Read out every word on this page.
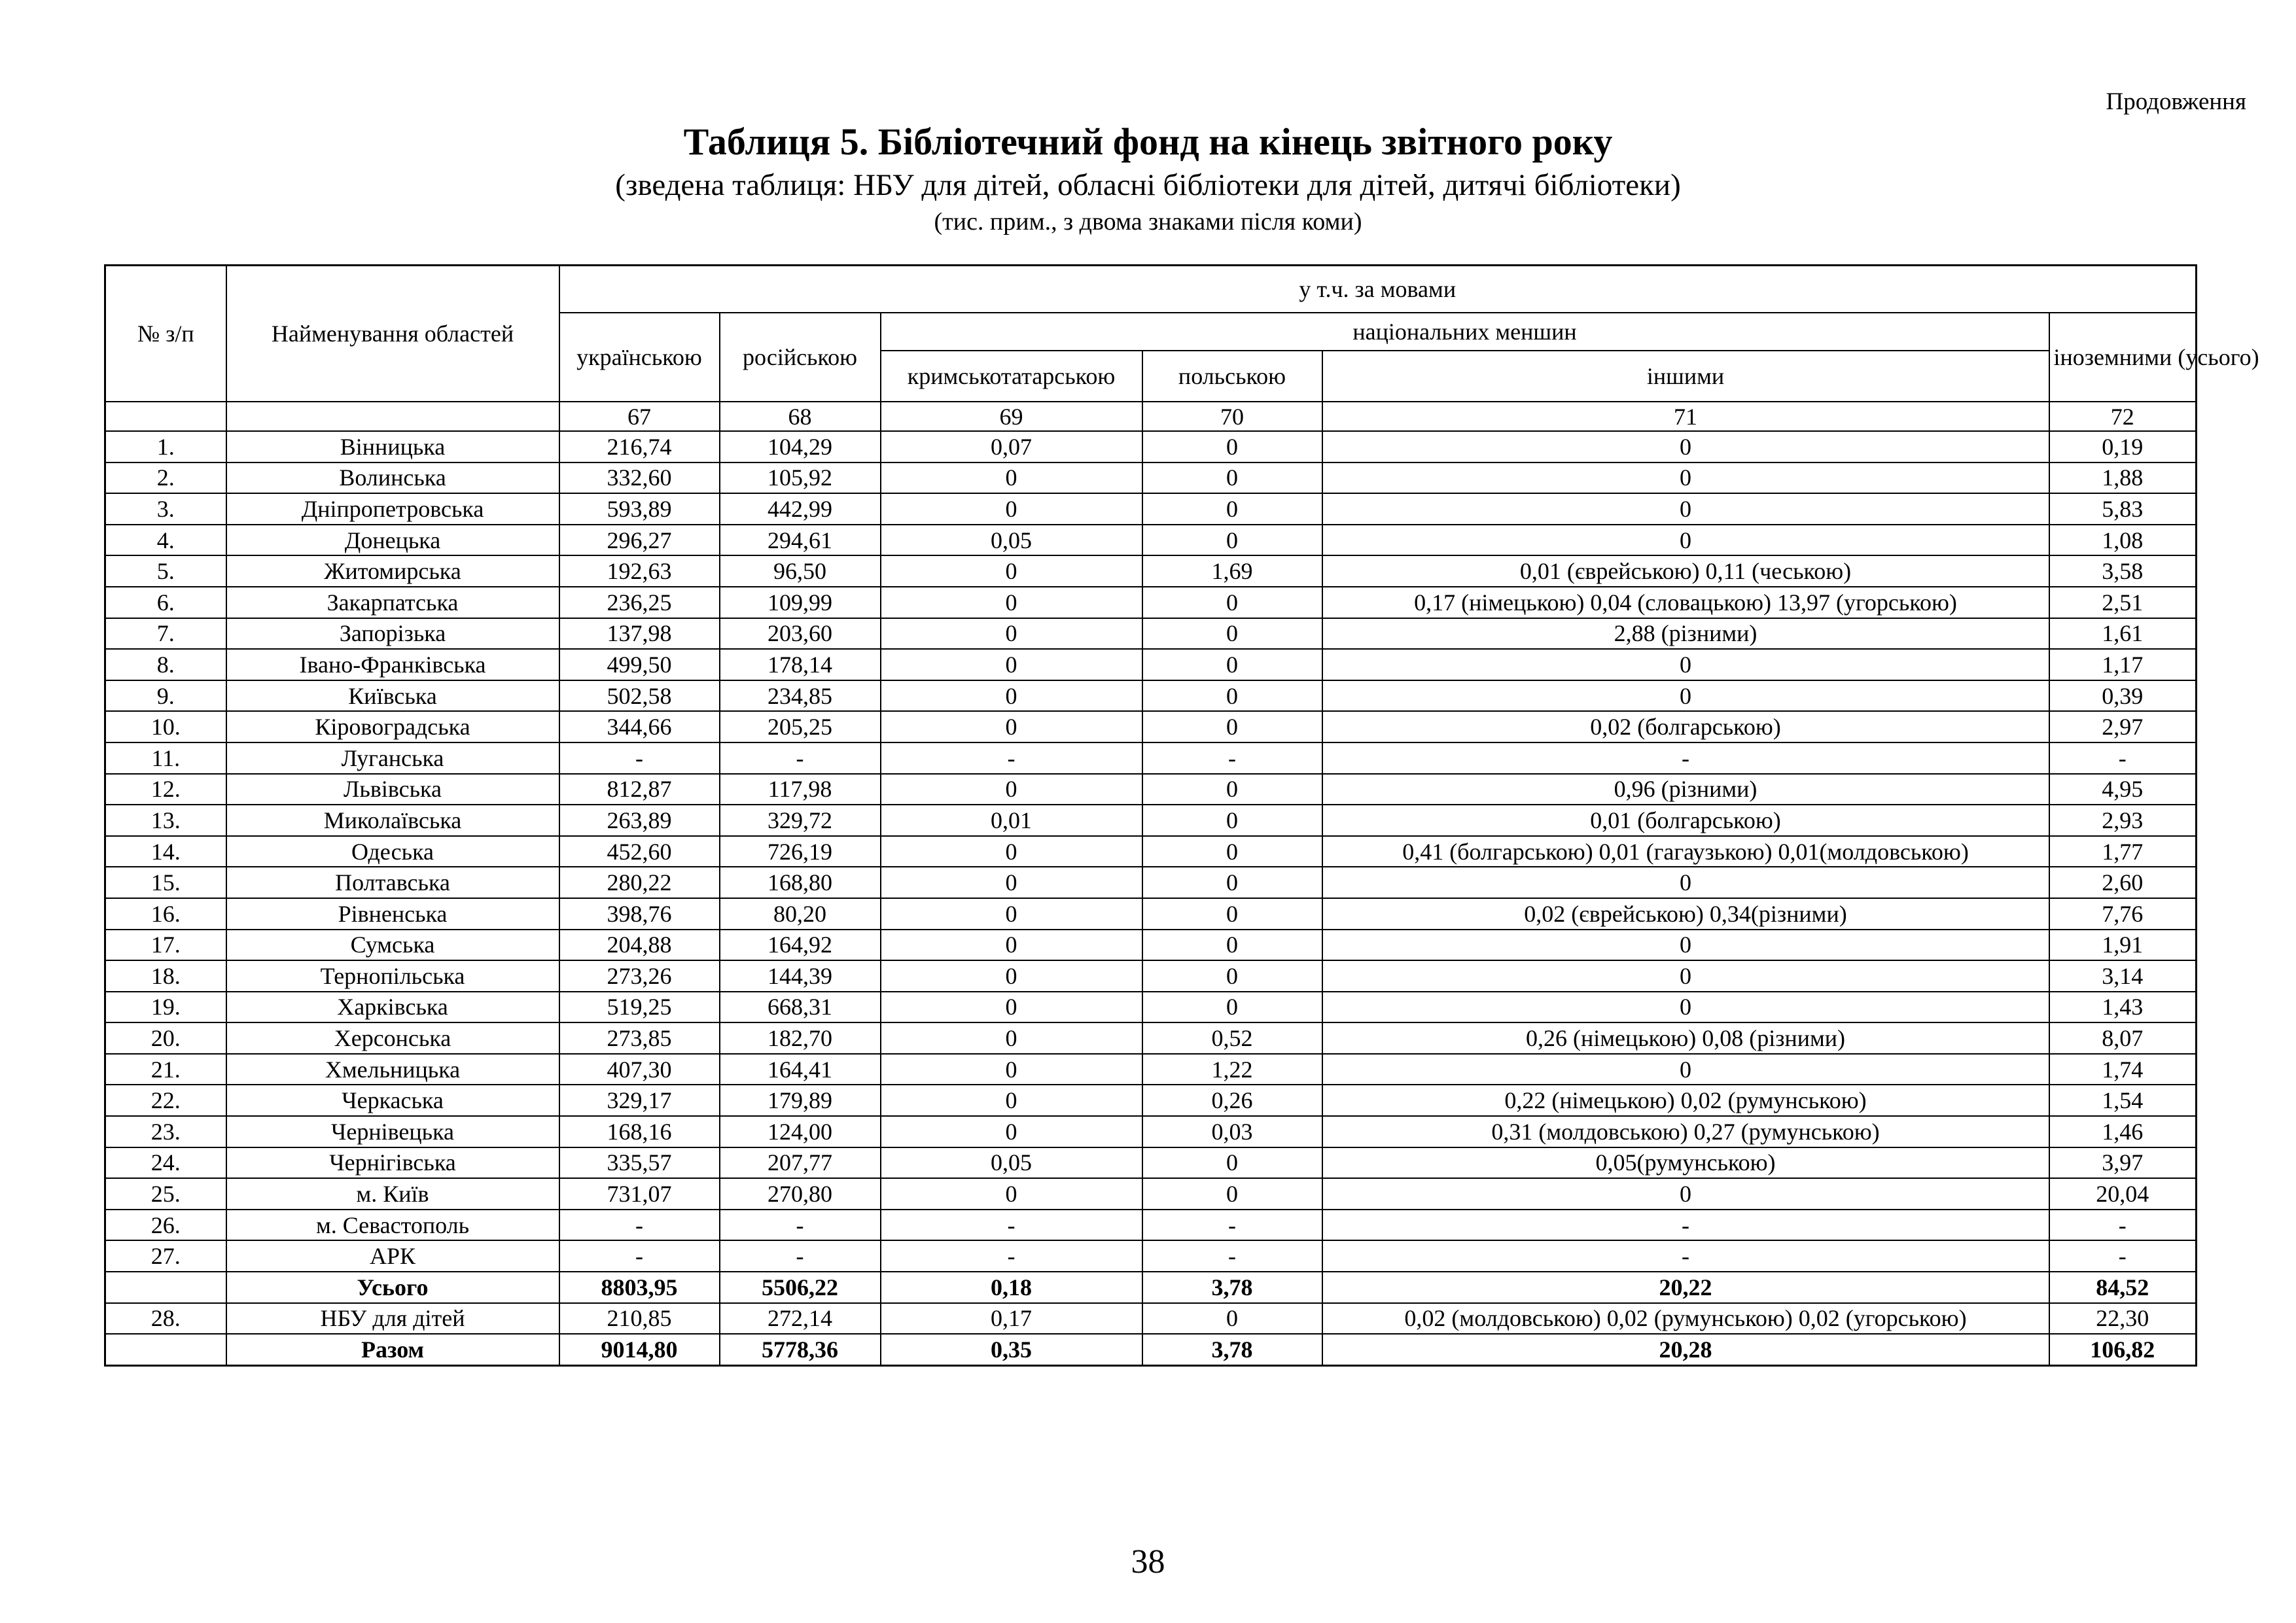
Продовження
Таблиця 5. Бібліотечний фонд на кінець звітного року
(зведена таблиця: НБУ для дітей, обласні бібліотеки для дітей, дитячі бібліотеки)
(тис. прим., з двома знаками після коми)
№ з/п	Найменування областей	у т.ч. за мовами					
		українською	російською	національних меншин			іноземними (усього)
				кримськотатарською	польською	іншими	
		67	68	69	70	71	72
1.	Вінницька	216,74	104,29	0,07	0	0	0,19
2.	Волинська	332,60	105,92	0	0	0	1,88
3.	Дніпропетровська	593,89	442,99	0	0	0	5,83
4.	Донецька	296,27	294,61	0,05	0	0	1,08
5.	Житомирська	192,63	96,50	0	1,69	0,01 (єврейською) 0,11 (чеською)	3,58
6.	Закарпатська	236,25	109,99	0	0	0,17 (німецькою) 0,04 (словацькою) 13,97 (угорською)	2,51
7.	Запорізька	137,98	203,60	0	0	2,88 (різними)	1,61
8.	Івано-Франківська	499,50	178,14	0	0	0	1,17
9.	Київська	502,58	234,85	0	0	0	0,39
10.	Кіровоградська	344,66	205,25	0	0	0,02 (болгарською)	2,97
11.	Луганська	-	-	-	-	-	-
12.	Львівська	812,87	117,98	0	0	0,96 (різними)	4,95
13.	Миколаївська	263,89	329,72	0,01	0	0,01 (болгарською)	2,93
14.	Одеська	452,60	726,19	0	0	0,41 (болгарською) 0,01 (гагаузькою) 0,01(молдовською)	1,77
15.	Полтавська	280,22	168,80	0	0	0	2,60
16.	Рівненська	398,76	80,20	0	0	0,02 (єврейською) 0,34(різними)	7,76
17.	Сумська	204,88	164,92	0	0	0	1,91
18.	Тернопільська	273,26	144,39	0	0	0	3,14
19.	Харківська	519,25	668,31	0	0	0	1,43
20.	Херсонська	273,85	182,70	0	0,52	0,26 (німецькою) 0,08 (різними)	8,07
21.	Хмельницька	407,30	164,41	0	1,22	0	1,74
22.	Черкаська	329,17	179,89	0	0,26	0,22 (німецькою) 0,02 (румунською)	1,54
23.	Чернівецька	168,16	124,00	0	0,03	0,31 (молдовською) 0,27 (румунською)	1,46
24.	Чернігівська	335,57	207,77	0,05	0	0,05(румунською)	3,97
25.	м. Київ	731,07	270,80	0	0	0	20,04
26.	м. Севастополь	-	-	-	-	-	-
27.	АРК	-	-	-	-	-	-
	Усього	8803,95	5506,22	0,18	3,78	20,22	84,52
28.	НБУ для дітей	210,85	272,14	0,17	0	0,02 (молдовською) 0,02 (румунською) 0,02 (угорською)	22,30
	Разом	9014,80	5778,36	0,35	3,78	20,28	106,82
38
